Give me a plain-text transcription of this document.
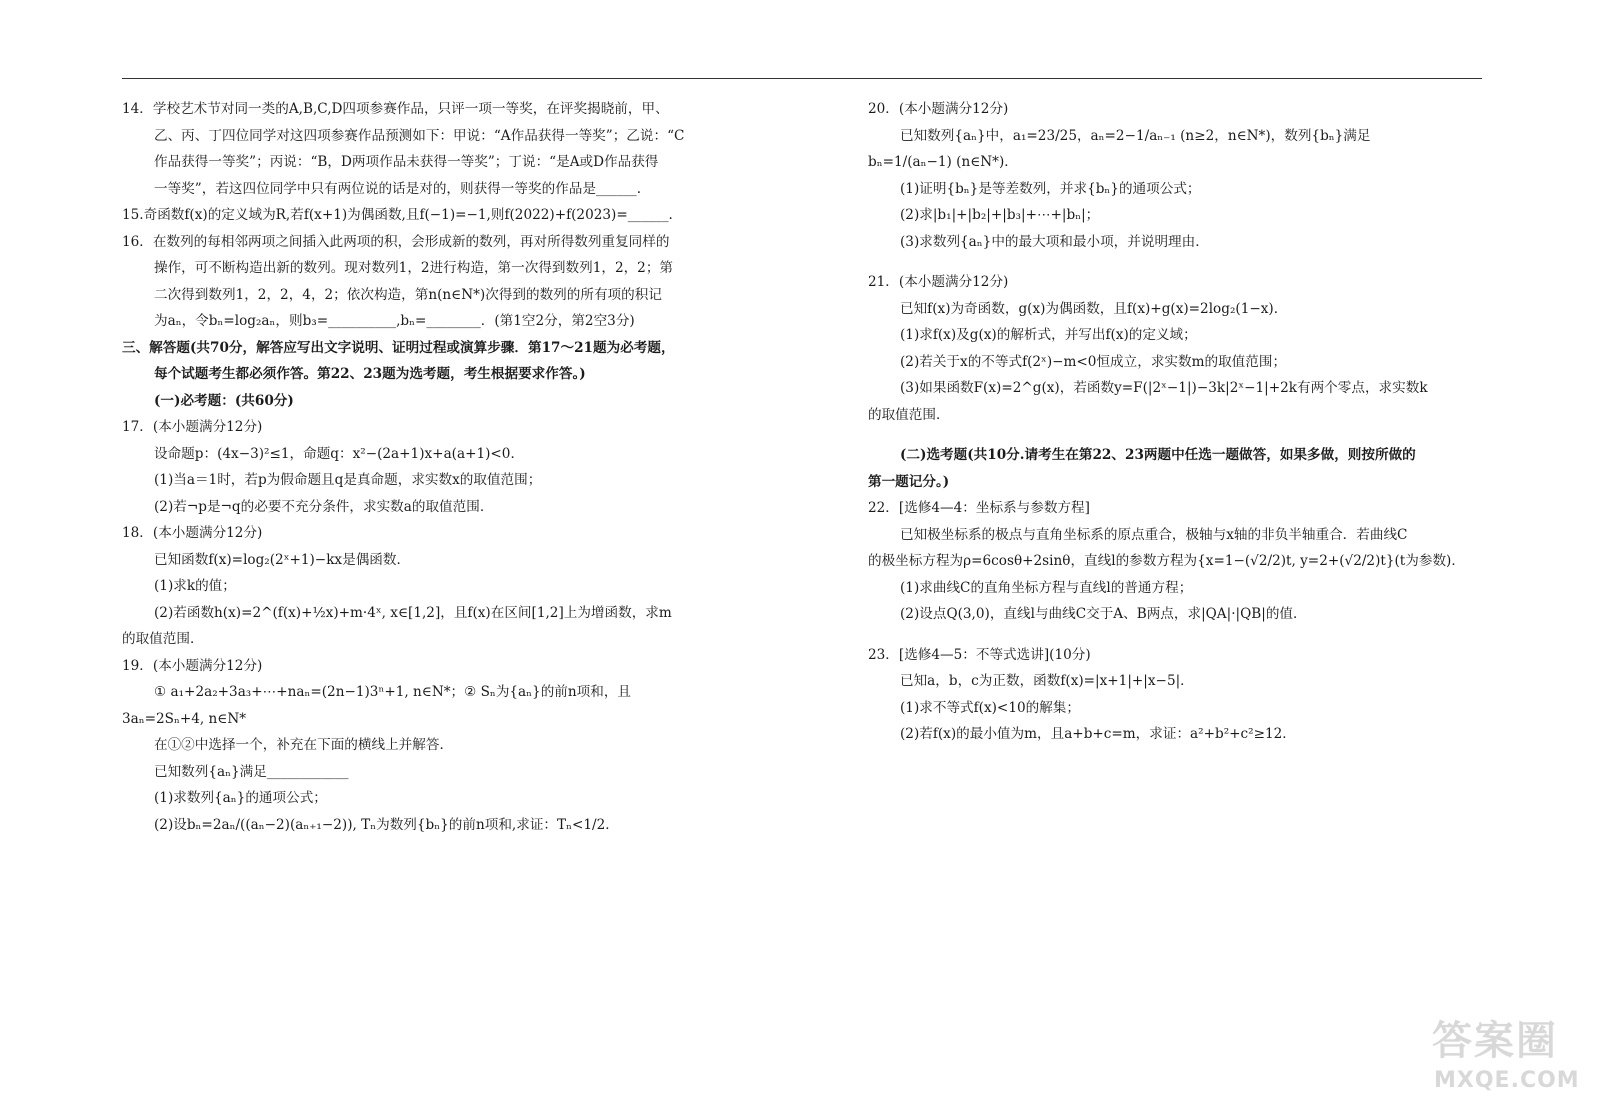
14．学校艺术节对同一类的A,B,C,D四项参赛作品，只评一项一等奖，在评奖揭晓前，甲、

乙、丙、丁四位同学对这四项参赛作品预测如下：甲说：“A作品获得一等奖”；乙说：“C

作品获得一等奖”；丙说：“B，D两项作品未获得一等奖”；丁说：“是A或D作品获得

一等奖”，若这四位同学中只有两位说的话是对的，则获得一等奖的作品是______.

15.奇函数f(x)的定义域为R,若f(x+1)为偶函数,且f(−1)=−1,则f(2022)+f(2023)=______.

16．在数列的每相邻两项之间插入此两项的积，会形成新的数列，再对所得数列重复同样的

操作，可不断构造出新的数列。现对数列1，2进行构造，第一次得到数列1，2，2；第

二次得到数列1，2，2，4，2；依次构造，第n(n∈N*)次得到的数列的所有项的积记

为aₙ，令bₙ=log₂aₙ，则b₃=__________,bₙ=________．(第1空2分，第2空3分)

三、解答题(共70分，解答应写出文字说明、证明过程或演算步骤．第17～21题为必考题，

每个试题考生都必须作答。第22、23题为选考题，考生根据要求作答。)

(一)必考题：(共60分)

17．(本小题满分12分)

设命题p：(4x−3)²≤1，命题q：x²−(2a+1)x+a(a+1)<0．

(1)当a＝1时，若p为假命题且q是真命题，求实数x的取值范围；

(2)若¬p是¬q的必要不充分条件，求实数a的取值范围．

18．(本小题满分12分)

已知函数f(x)=log₂(2ˣ+1)−kx是偶函数．

(1)求k的值；

(2)若函数h(x)=2^(f(x)+½x)+m·4ˣ, x∈[1,2]，且f(x)在区间[1,2]上为增函数，求m

的取值范围．

19．(本小题满分12分)

① a₁+2a₂+3a₃+⋯+naₙ=(2n−1)3ⁿ+1, n∈N*；② Sₙ为{aₙ}的前n项和，且

3aₙ=2Sₙ+4, n∈N*

在①②中选择一个，补充在下面的横线上并解答．

已知数列{aₙ}满足____________

(1)求数列{aₙ}的通项公式；

(2)设bₙ=2aₙ/((aₙ−2)(aₙ₊₁−2)), Tₙ为数列{bₙ}的前n项和,求证：Tₙ<1/2．

20．(本小题满分12分)

已知数列{aₙ}中，a₁=23/25，aₙ=2−1/aₙ₋₁ (n≥2，n∈N*)，数列{bₙ}满足

bₙ=1/(aₙ−1) (n∈N*)．

(1)证明{bₙ}是等差数列，并求{bₙ}的通项公式；

(2)求|b₁|+|b₂|+|b₃|+⋯+|bₙ|；

(3)求数列{aₙ}中的最大项和最小项，并说明理由．

21．(本小题满分12分)

已知f(x)为奇函数，g(x)为偶函数，且f(x)+g(x)=2log₂(1−x)．

(1)求f(x)及g(x)的解析式，并写出f(x)的定义域；

(2)若关于x的不等式f(2ˣ)−m<0恒成立，求实数m的取值范围；

(3)如果函数F(x)=2^g(x)，若函数y=F(|2ˣ−1|)−3k|2ˣ−1|+2k有两个零点，求实数k

的取值范围．

(二)选考题(共10分.请考生在第22、23两题中任选一题做答，如果多做，则按所做的

第一题记分。)

22．[选修4—4：坐标系与参数方程]

已知极坐标系的极点与直角坐标系的原点重合，极轴与x轴的非负半轴重合．若曲线C

的极坐标方程为ρ=6cosθ+2sinθ，直线l的参数方程为{x=1−(√2/2)t, y=2+(√2/2)t}(t为参数)．

(1)求曲线C的直角坐标方程与直线l的普通方程；

(2)设点Q(3,0)，直线l与曲线C交于A、B两点，求|QA|·|QB|的值．

23．[选修4—5：不等式选讲](10分)

已知a，b，c为正数，函数f(x)=|x+1|+|x−5|．

(1)求不等式f(x)<10的解集；

(2)若f(x)的最小值为m，且a+b+c=m，求证：a²+b²+c²≥12．

答案圈
MXQE.COM
